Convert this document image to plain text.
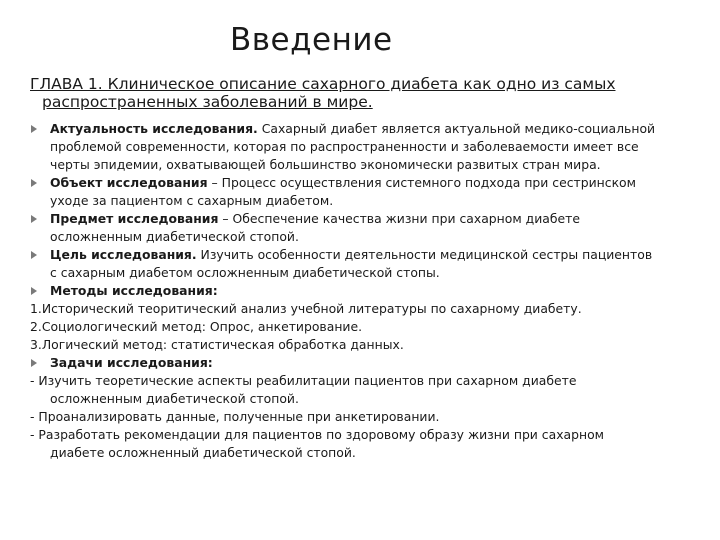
Введение
ГЛАВА 1. Клиническое описание сахарного диабета как одно из самых
распространенных заболеваний в мире.
Актуальность исследования. Сахарный диабет является актуальной медико-социальной
проблемой современности, которая по распространенности и заболеваемости имеет все
черты эпидемии, охватывающей большинство экономически развитых стран мира.
Объект исследования – Процесс осуществления системного подхода при сестринском
уходе за пациентом с сахарным диабетом.
Предмет исследования – Обеспечение качества жизни при сахарном диабете
осложненным диабетической стопой.
Цель исследования. Изучить особенности деятельности медицинской сестры пациентов
с сахарным диабетом осложненным диабетической стопы.
Методы исследования:
1.Исторический теоритический анализ учебной литературы по сахарному диабету.
2.Социологический метод: Опрос, анкетирование.
3.Логический метод: статистическая обработка данных.
Задачи исследования:
- Изучить теоретические аспекты реабилитации пациентов при сахарном диабете
осложненным диабетической стопой.
- Проанализировать данные, полученные при анкетировании.
- Разработать рекомендации для пациентов по здоровому образу жизни при сахарном
диабете осложненный диабетической стопой.
